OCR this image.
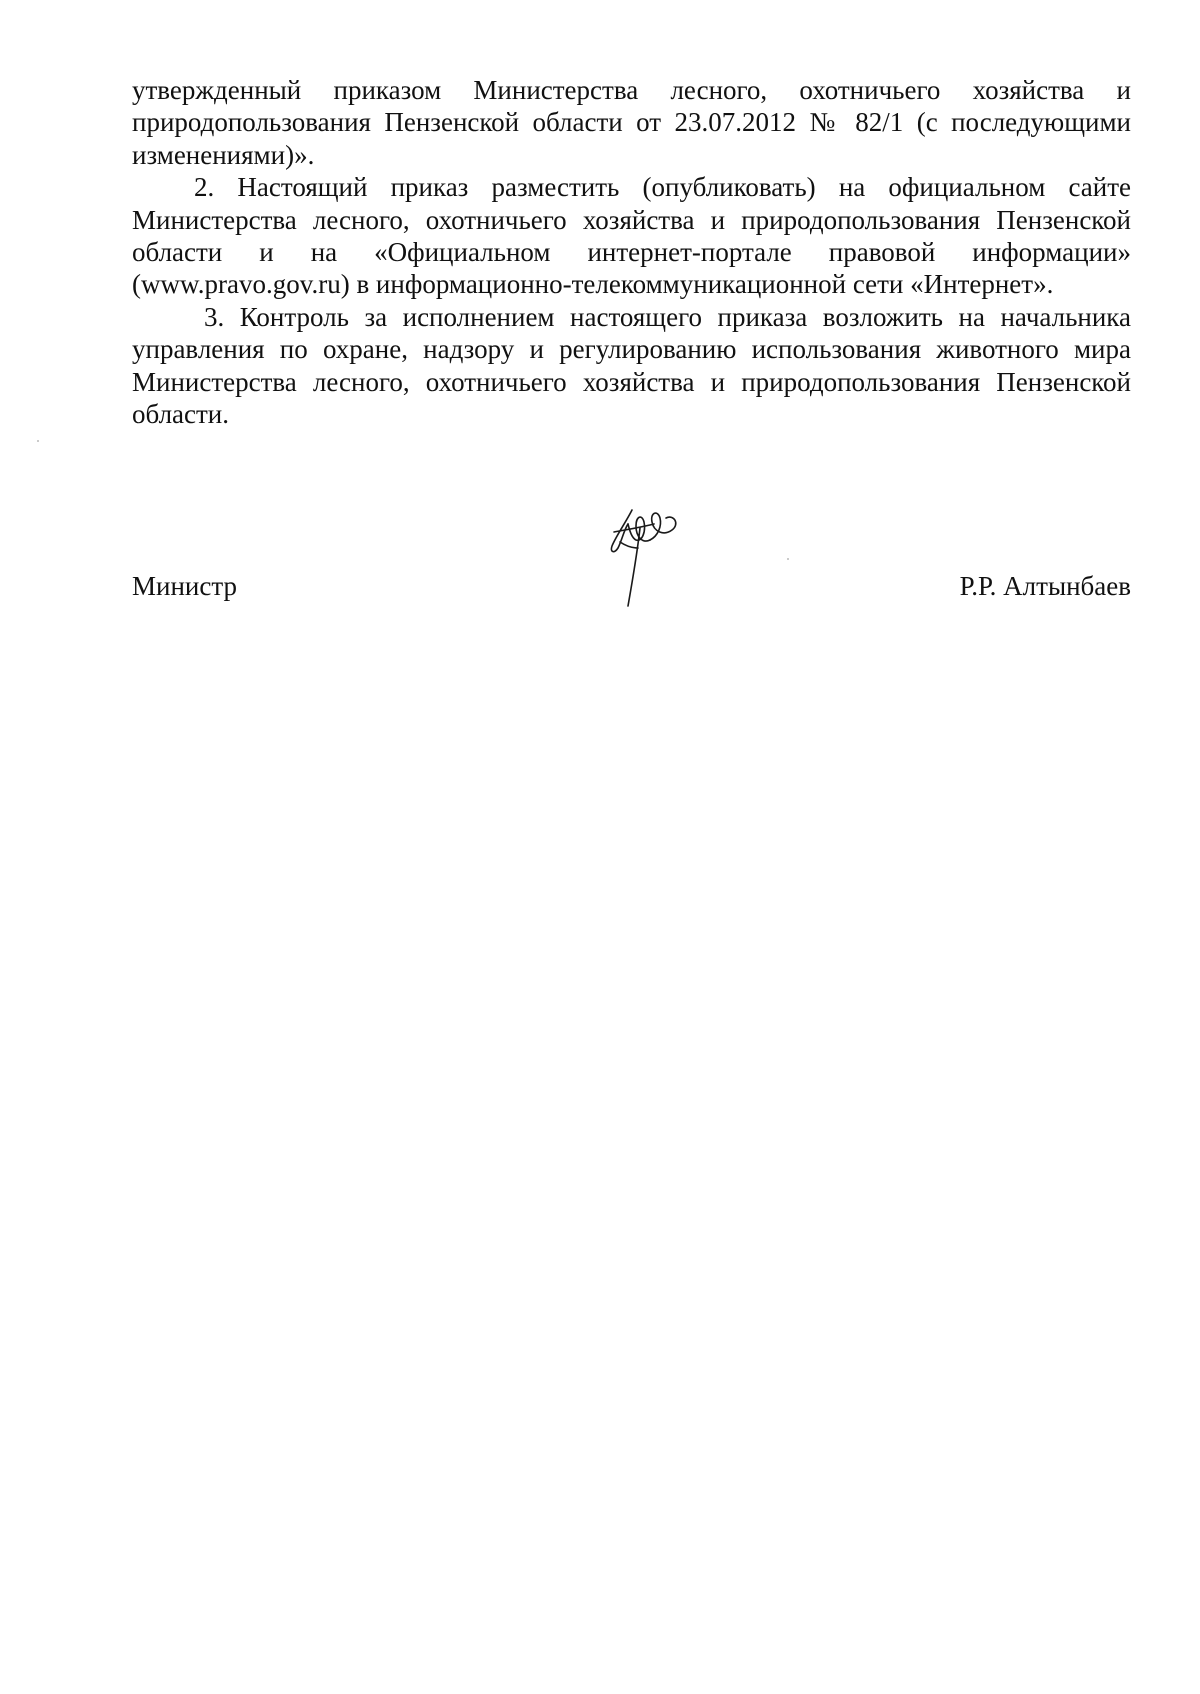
утвержденный приказом Министерства лесного, охотничьего хозяйства и природопользования Пензенской области от 23.07.2012 № 82/1 (с последующими изменениями)».

2. Настоящий приказ разместить (опубликовать) на официальном сайте Министерства лесного, охотничьего хозяйства и природопользования Пензенской области и на «Официальном интернет-портале правовой информации» (www.pravo.gov.ru) в информационно-телекоммуникационной сети «Интернет».

3. Контроль за исполнением настоящего приказа возложить на начальника управления по охране, надзору и регулированию использования животного мира Министерства лесного, охотничьего хозяйства и природопользования Пензенской области.

Министр	Р.Р. Алтынбаев
